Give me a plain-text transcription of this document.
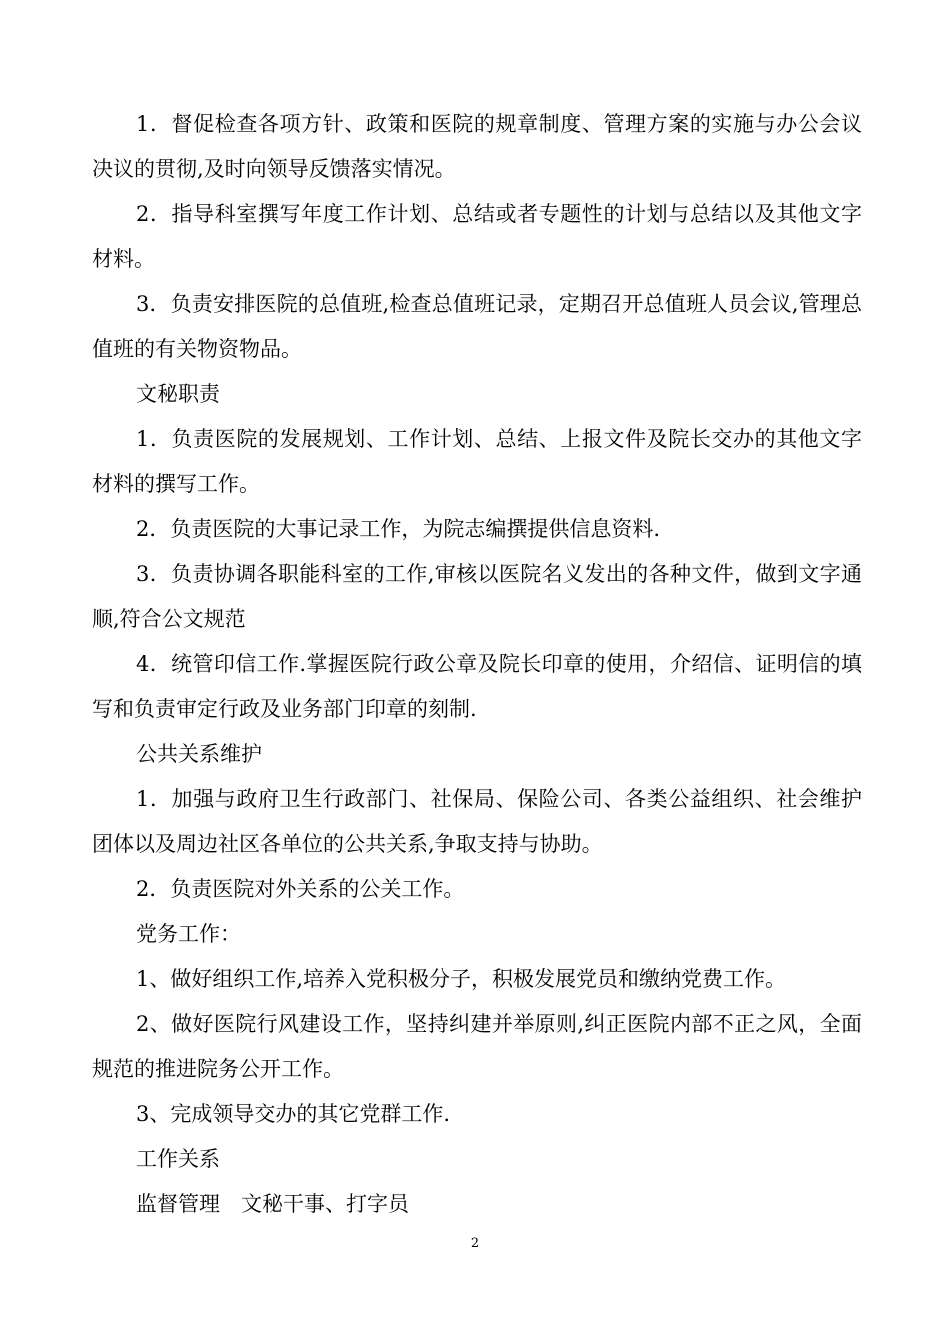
1．督促检查各项方针、政策和医院的规章制度、管理方案的实施与办公会议决议的贯彻,及时向领导反馈落实情况。

2．指导科室撰写年度工作计划、总结或者专题性的计划与总结以及其他文字材料。

3．负责安排医院的总值班,检查总值班记录，定期召开总值班人员会议,管理总值班的有关物资物品。

文秘职责

1．负责医院的发展规划、工作计划、总结、上报文件及院长交办的其他文字材料的撰写工作。

2．负责医院的大事记录工作，为院志编撰提供信息资料.

3．负责协调各职能科室的工作,审核以医院名义发出的各种文件，做到文字通顺,符合公文规范

4．统管印信工作.掌握医院行政公章及院长印章的使用，介绍信、证明信的填写和负责审定行政及业务部门印章的刻制.

公共关系维护

1．加强与政府卫生行政部门、社保局、保险公司、各类公益组织、社会维护团体以及周边社区各单位的公共关系,争取支持与协助。

2．负责医院对外关系的公关工作。

党务工作：

1、做好组织工作,培养入党积极分子，积极发展党员和缴纳党费工作。

2、做好医院行风建设工作，坚持纠建并举原则,纠正医院内部不正之风，全面规范的推进院务公开工作。

3、完成领导交办的其它党群工作.

工作关系

监督管理　文秘干事、打字员

2
